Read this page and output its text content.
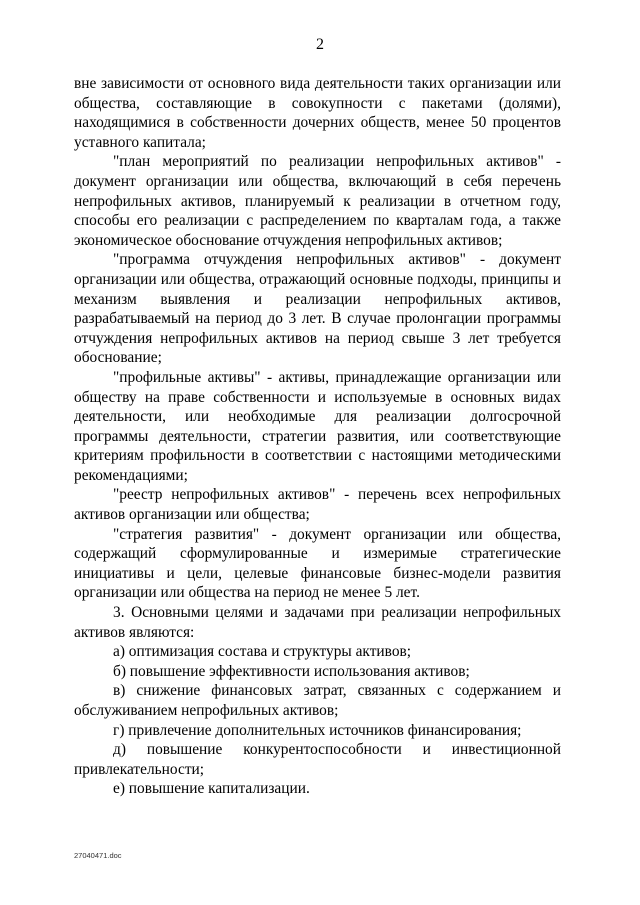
2

вне зависимости от основного вида деятельности таких организации или общества, составляющие в совокупности с пакетами (долями), находящимися в собственности дочерних обществ, менее 50 процентов уставного капитала;

"план мероприятий по реализации непрофильных активов" - документ организации или общества, включающий в себя перечень непрофильных активов, планируемый к реализации в отчетном году, способы его реализации с распределением по кварталам года, а также экономическое обоснование отчуждения непрофильных активов;

"программа отчуждения непрофильных активов" - документ организации или общества, отражающий основные подходы, принципы и механизм выявления и реализации непрофильных активов, разрабатываемый на период до 3 лет. В случае пролонгации программы отчуждения непрофильных активов на период свыше 3 лет требуется обоснование;

"профильные активы" - активы, принадлежащие организации или обществу на праве собственности и используемые в основных видах деятельности, или необходимые для реализации долгосрочной программы деятельности, стратегии развития, или соответствующие критериям профильности в соответствии с настоящими методическими рекомендациями;

"реестр непрофильных активов" - перечень всех непрофильных активов организации или общества;

"стратегия развития" - документ организации или общества, содержащий сформулированные и измеримые стратегические инициативы и цели, целевые финансовые бизнес-модели развития организации или общества на период не менее 5 лет.

3. Основными целями и задачами при реализации непрофильных активов являются:

а) оптимизация состава и структуры активов;

б) повышение эффективности использования активов;

в) снижение финансовых затрат, связанных с содержанием и обслуживанием непрофильных активов;

г) привлечение дополнительных источников финансирования;

д) повышение конкурентоспособности и инвестиционной привлекательности;

е) повышение капитализации.

27040471.doc
